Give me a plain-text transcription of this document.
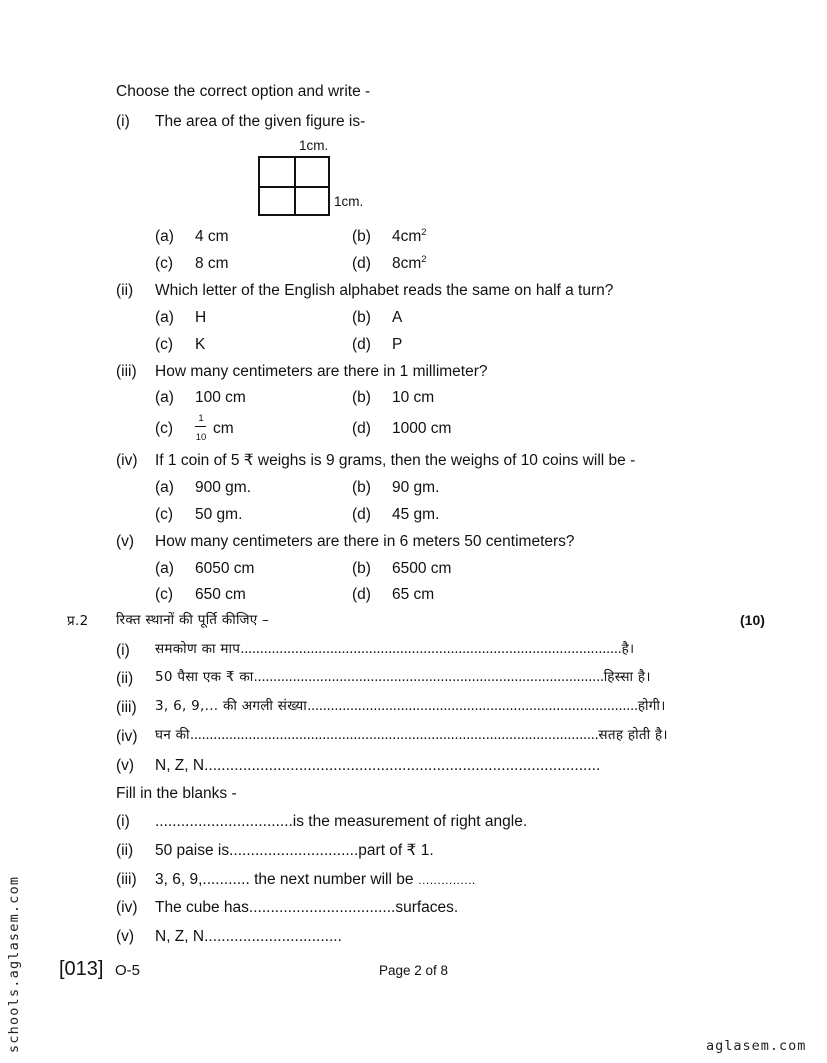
Choose the correct option and write -
(i) The area of the given figure is-
1cm.
1cm.
(a) 4 cm	(b) $4cm^2$
(c) 8 cm	(d) $8cm^2$
(ii) Which letter of the English alphabet reads the same on half a turn?
(a) H	(b) A
(c) K	(d) P
(iii) How many centimeters are there in 1 millimeter?
(a) 100 cm	(b) 10 cm
(c)
1
10
cm	(d) 1000 cm
(iv) If 1 coin of 5 ₹ weighs is 9 grams, then the weighs of 10 coins will be -
(a) 900 gm.	(b) 90 gm.
(c) 50 gm.	(d) 45 gm.
(v) How many centimeters are there in 6 meters 50 centimeters?
(a) 6050 cm	(b) 6500 cm
(c) 650 cm	(d) 65 cm
प्र.2 रिक्त स्थानों की पूर्ति कीजिए –	(10)
(i) समकोण का माप..................................................................................................है।
(ii) 50 पैसा एक ₹ का..........................................................................................हिस्सा है।
(iii) 3, 6, 9,... की अगली संख्या.....................................................................................होगी।
(iv) घन की.........................................................................................................सतह होती है।
(v) N, Z, N............................................................................................
Fill in the blanks -
(i) ................................is the measurement of right angle.
(ii) 50 paise is..............................part of ₹ 1.
(iii) 3, 6, 9,........... the next number will be ……………
(iv) The cube has..................................surfaces.
(v) N, Z, N................................
[013] O-5	Page 2 of 8
schools.aglasem.com	aglasem.com
